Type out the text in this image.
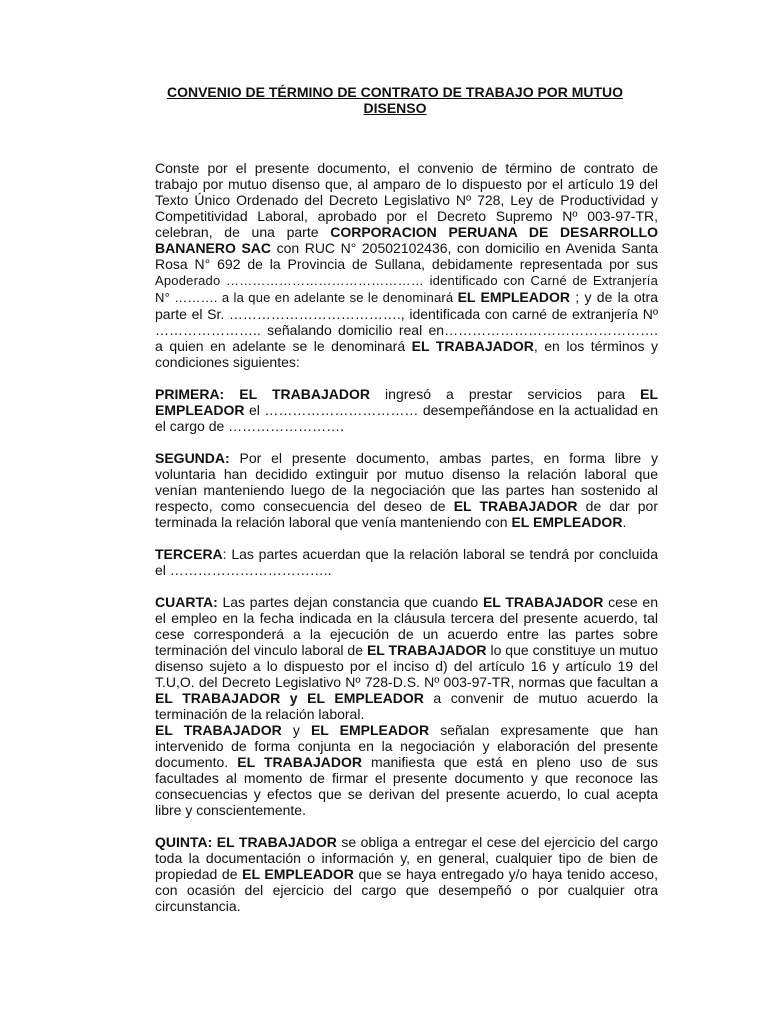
CONVENIO DE TÉRMINO DE CONTRATO DE TRABAJO POR MUTUO DISENSO

Conste por el presente documento, el convenio de término de contrato de trabajo por mutuo disenso que, al amparo de lo dispuesto por el artículo 19 del Texto Único Ordenado del Decreto Legislativo Nº 728, Ley de Productividad y Competitividad Laboral, aprobado por el Decreto Supremo Nº 003-97-TR, celebran, de una parte CORPORACION PERUANA DE DESARROLLO BANANERO SAC con RUC N° 20502102436, con domicilio en Avenida Santa Rosa N° 692 de la Provincia de Sullana, debidamente representada por sus Apoderado ……………………………………… identificado con Carné de Extranjería N° ………. a la que en adelante se le denominará EL EMPLEADOR ; y de la otra parte el Sr. ………………………………., identificada con carné de extranjería Nº ………………….. señalando domicilio real en………………………………………. a quien en adelante se le denominará EL TRABAJADOR, en los términos y condiciones siguientes:

PRIMERA: EL TRABAJADOR ingresó a prestar servicios para EL EMPLEADOR el …………………………… desempeñándose en la actualidad en el cargo de …………………….

SEGUNDA: Por el presente documento, ambas partes, en forma libre y voluntaria han decidido extinguir por mutuo disenso la relación laboral que venían manteniendo luego de la negociación que las partes han sostenido al respecto, como consecuencia del deseo de EL TRABAJADOR de dar por terminada la relación laboral que venía manteniendo con EL EMPLEADOR.

TERCERA: Las partes acuerdan que la relación laboral se tendrá por concluida el ……………………………..

CUARTA: Las partes dejan constancia que cuando EL TRABAJADOR cese en el empleo en la fecha indicada en la cláusula tercera del presente acuerdo, tal cese corresponderá a la ejecución de un acuerdo entre las partes sobre terminación del vinculo laboral de EL TRABAJADOR lo que constituye un mutuo disenso sujeto a lo dispuesto por el inciso d) del artículo 16 y artículo 19 del T.U,O. del Decreto Legislativo Nº 728-D.S. Nº 003-97-TR, normas que facultan a EL TRABAJADOR y EL EMPLEADOR a convenir de mutuo acuerdo la terminación de la relación laboral.

EL TRABAJADOR y EL EMPLEADOR señalan expresamente que han intervenido de forma conjunta en la negociación y elaboración del presente documento. EL TRABAJADOR manifiesta que está en pleno uso de sus facultades al momento de firmar el presente documento y que reconoce las consecuencias y efectos que se derivan del presente acuerdo, lo cual acepta libre y conscientemente.

QUINTA: EL TRABAJADOR se obliga a entregar el cese del ejercicio del cargo toda la documentación o información y, en general, cualquier tipo de bien de propiedad de EL EMPLEADOR que se haya entregado y/o haya tenido acceso, con ocasión del ejercicio del cargo que desempeñó o por cualquier otra circunstancia.
